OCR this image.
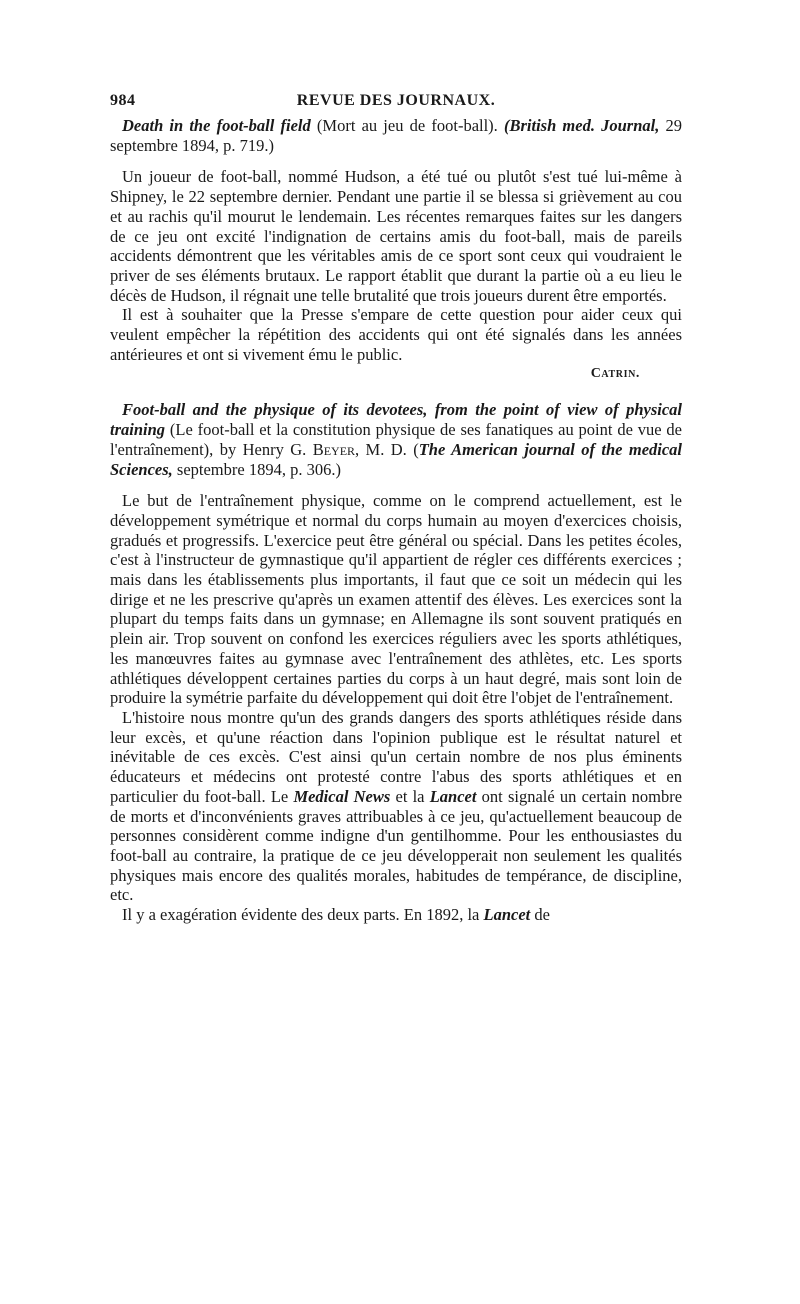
984	REVUE DES JOURNAUX.

Death in the foot-ball field (Mort au jeu de foot-ball). (British med. Journal, 29 septembre 1894, p. 719.)

Un joueur de foot-ball, nommé Hudson, a été tué ou plutôt s'est tué lui-même à Shipney, le 22 septembre dernier. Pendant une partie il se blessa si grièvement au cou et au rachis qu'il mourut le lendemain. Les récentes remarques faites sur les dangers de ce jeu ont excité l'indignation de certains amis du foot-ball, mais de pareils accidents démontrent que les véritables amis de ce sport sont ceux qui voudraient le priver de ses éléments brutaux. Le rapport établit que durant la partie où a eu lieu le décès de Hudson, il régnait une telle brutalité que trois joueurs durent être emportés.

Il est à souhaiter que la Presse s'empare de cette question pour aider ceux qui veulent empêcher la répétition des accidents qui ont été signalés dans les années antérieures et ont si vivement ému le public.

Catrin.

Foot-ball and the physique of its devotees, from the point of view of physical training (Le foot-ball et la constitution physique de ses fanatiques au point de vue de l'entraînement), by Henry G. Beyer, M. D. (The American journal of the medical Sciences, septembre 1894, p. 306.)

Le but de l'entraînement physique, comme on le comprend actuellement, est le développement symétrique et normal du corps humain au moyen d'exercices choisis, gradués et progressifs. L'exercice peut être général ou spécial. Dans les petites écoles, c'est à l'instructeur de gymnastique qu'il appartient de régler ces différents exercices ; mais dans les établissements plus importants, il faut que ce soit un médecin qui les dirige et ne les prescrive qu'après un examen attentif des élèves. Les exercices sont la plupart du temps faits dans un gymnase; en Allemagne ils sont souvent pratiqués en plein air. Trop souvent on confond les exercices réguliers avec les sports athlétiques, les manœuvres faites au gymnase avec l'entraînement des athlètes, etc. Les sports athlétiques développent certaines parties du corps à un haut degré, mais sont loin de produire la symétrie parfaite du développement qui doit être l'objet de l'entraînement.

L'histoire nous montre qu'un des grands dangers des sports athlétiques réside dans leur excès, et qu'une réaction dans l'opinion publique est le résultat naturel et inévitable de ces excès. C'est ainsi qu'un certain nombre de nos plus éminents éducateurs et médecins ont protesté contre l'abus des sports athlétiques et en particulier du foot-ball. Le Medical News et la Lancet ont signalé un certain nombre de morts et d'inconvénients graves attribuables à ce jeu, qu'actuellement beaucoup de personnes considèrent comme indigne d'un gentilhomme. Pour les enthousiastes du foot-ball au contraire, la pratique de ce jeu développerait non seulement les qualités physiques mais encore des qualités morales, habitudes de tempérance, de discipline, etc.

Il y a exagération évidente des deux parts. En 1892, la Lancet de
